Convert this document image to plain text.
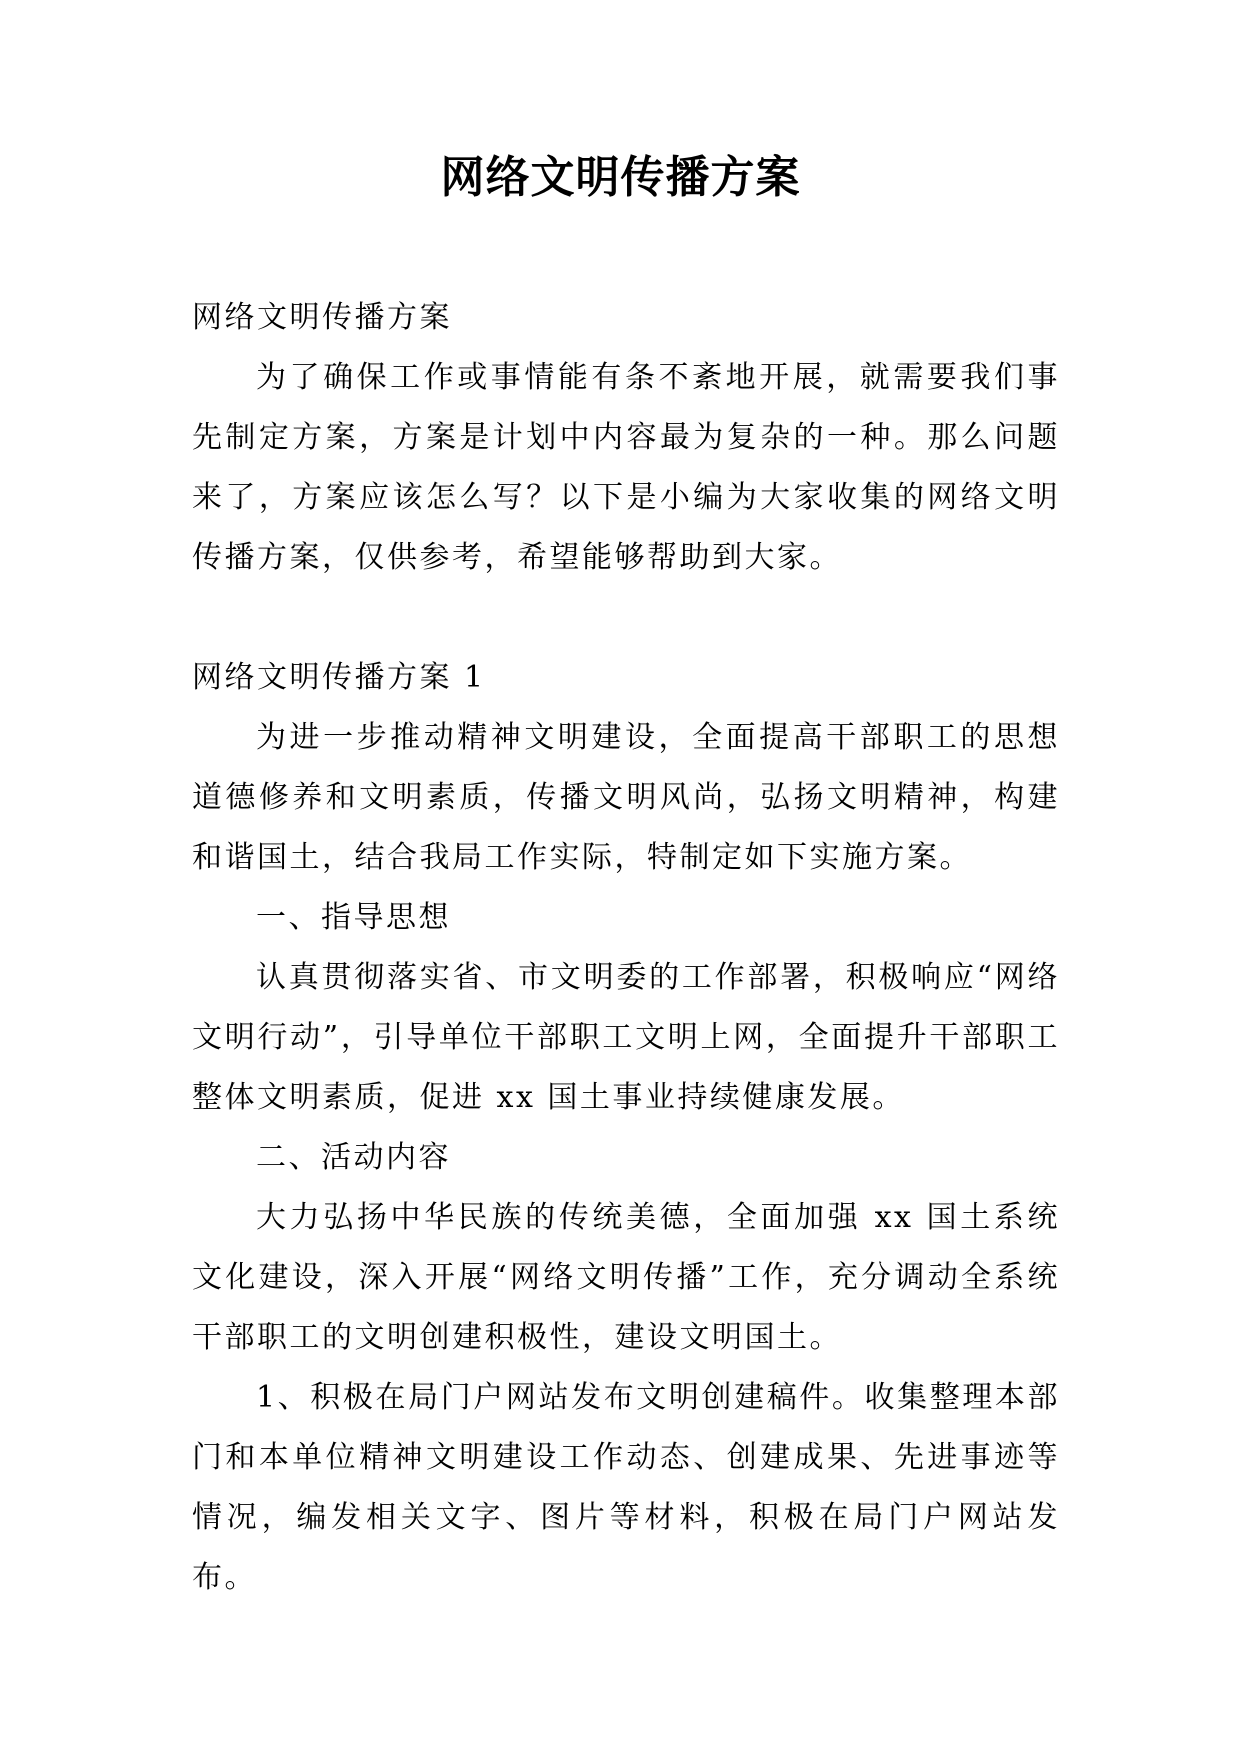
网络文明传播方案

网络文明传播方案

为了确保工作或事情能有条不紊地开展，就需要我们事先制定方案，方案是计划中内容最为复杂的一种。那么问题来了，方案应该怎么写？以下是小编为大家收集的网络文明传播方案，仅供参考，希望能够帮助到大家。

网络文明传播方案 1

为进一步推动精神文明建设，全面提高干部职工的思想道德修养和文明素质，传播文明风尚，弘扬文明精神，构建和谐国土，结合我局工作实际，特制定如下实施方案。

一、指导思想

认真贯彻落实省、市文明委的工作部署，积极响应“网络文明行动”，引导单位干部职工文明上网，全面提升干部职工整体文明素质，促进 xx 国土事业持续健康发展。

二、活动内容

大力弘扬中华民族的传统美德，全面加强 xx 国土系统文化建设，深入开展“网络文明传播”工作，充分调动全系统干部职工的文明创建积极性，建设文明国土。

1、积极在局门户网站发布文明创建稿件。收集整理本部门和本单位精神文明建设工作动态、创建成果、先进事迹等情况，编发相关文字、图片等材料，积极在局门户网站发布。
